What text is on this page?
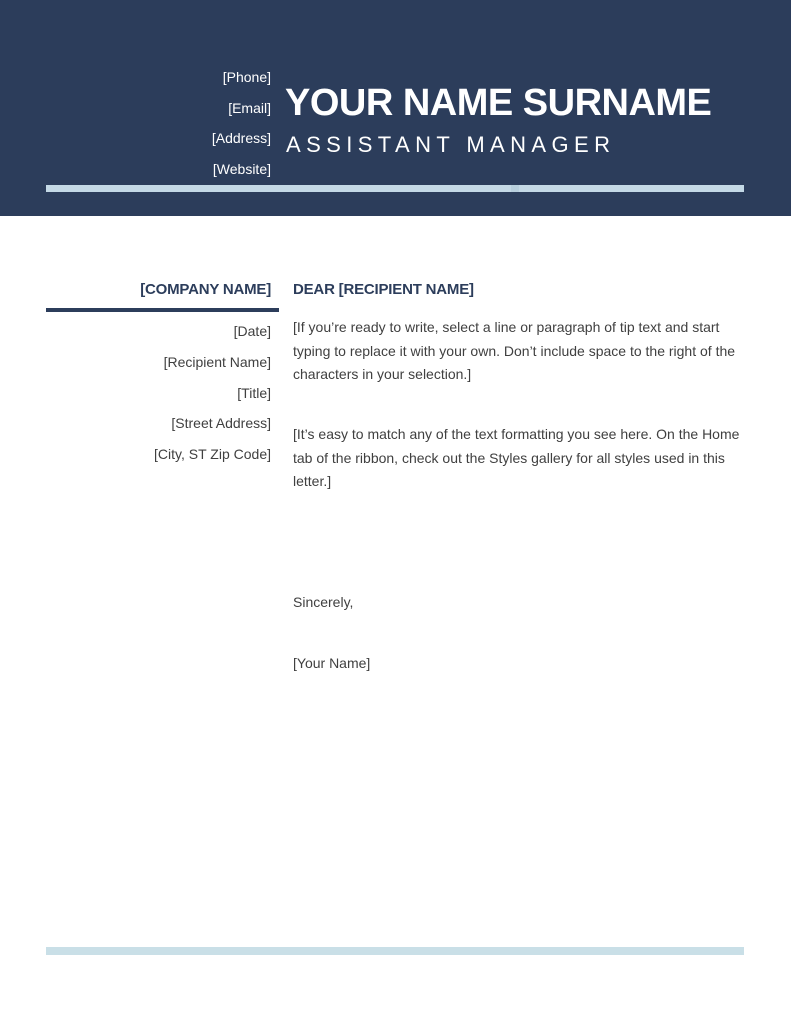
[Phone]
[Email]
[Address]
[Website]
YOUR NAME SURNAME
ASSISTANT MANAGER
[COMPANY NAME]
[Date]
[Recipient Name]
[Title]
[Street Address]
[City, ST Zip Code]
DEAR [RECIPIENT NAME]
[If you’re ready to write, select a line or paragraph of tip text and start typing to replace it with your own. Don’t include space to the right of the characters in your selection.]
[It’s easy to match any of the text formatting you see here. On the Home tab of the ribbon, check out the Styles gallery for all styles used in this letter.]
Sincerely,
[Your Name]
